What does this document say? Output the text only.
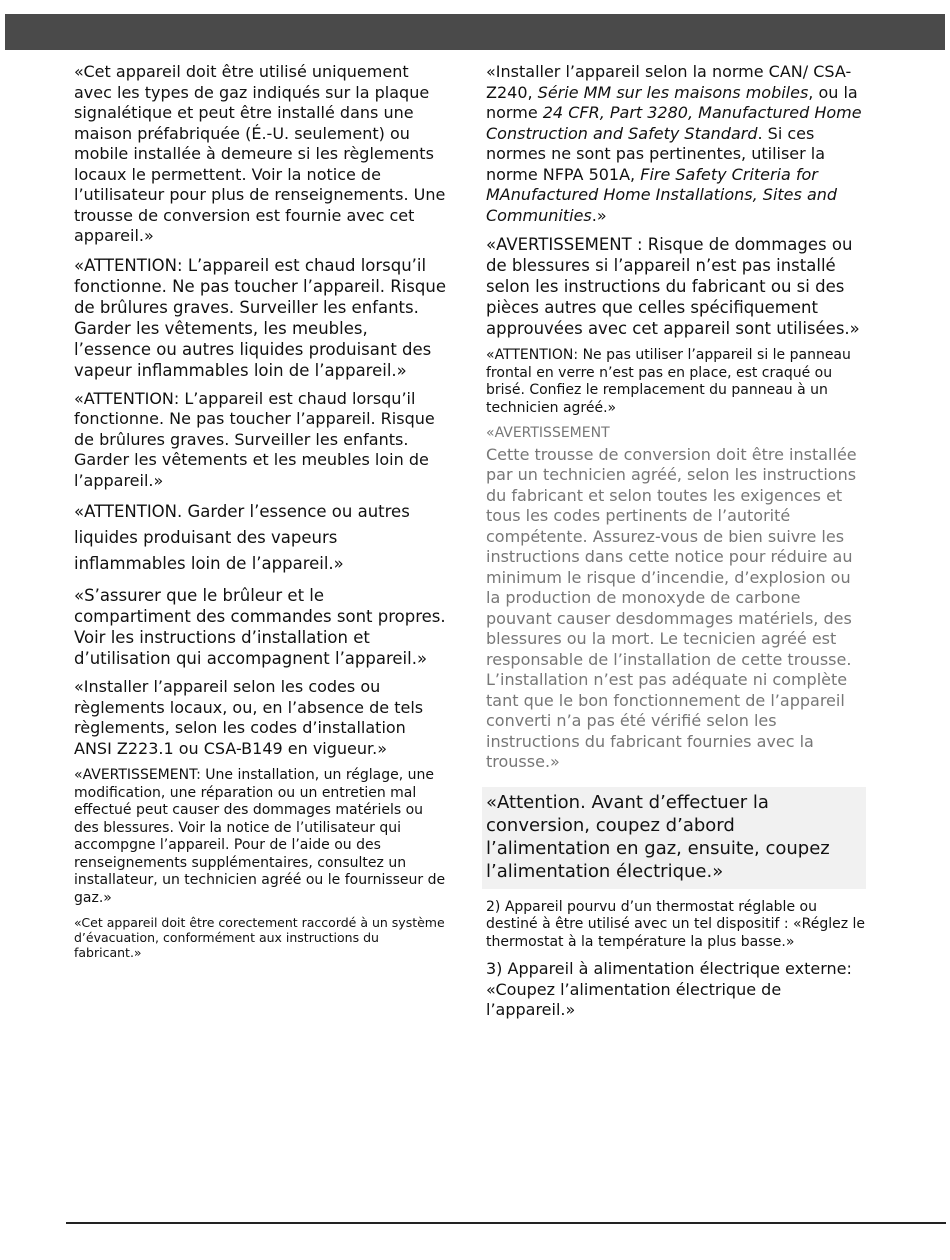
«Cet appareil doit être utilisé uniquement avec les types de gaz indiqués sur la plaque signalétique et peut être installé dans une maison préfabriquée (É.-U. seulement) ou mobile installée à demeure si les règlements locaux le permettent. Voir la notice de l’utilisateur pour plus de renseignements. Une trousse de conversion est fournie avec cet appareil.»

«ATTENTION: L’appareil est chaud lorsqu’il fonctionne. Ne pas toucher l’appareil. Risque de brûlures graves. Surveiller les enfants. Garder les vêtements, les meubles, l’essence ou autres liquides produisant des vapeur inflammables loin de l’appareil.»

«ATTENTION: L’appareil est chaud lorsqu’il fonctionne. Ne pas toucher l’appareil. Risque de brûlures graves. Surveiller les enfants. Garder les vêtements et les meubles loin de l’appareil.»

«ATTENTION. Garder l’essence ou autres liquides produisant des vapeurs inflammables loin de l’appareil.»

«S’assurer que le brûleur et le compartiment des commandes sont propres. Voir les instructions d’installation et d’utilisation qui accompagnent l’appareil.»

«Installer l’appareil selon les codes ou règlements locaux, ou, en l’absence de tels règlements, selon les codes d’installation ANSI Z223.1 ou CSA-B149 en vigueur.»

«AVERTISSEMENT: Une installation, un réglage, une modification, une réparation ou un entretien mal effectué peut causer des dommages matériels ou des blessures. Voir la notice de l’utilisateur qui accompgne l’appareil. Pour de l’aide ou des renseignements supplémentaires, consultez un installateur, un technicien agréé ou le fournisseur de gaz.»

«Cet appareil doit être corectement raccordé à un système d’évacuation, conformément aux instructions du fabricant.»

«Installer l’appareil selon la norme CAN/ CSA-Z240, Série MM sur les maisons mobiles, ou la norme 24 CFR, Part 3280, Manufactured Home Construction and Safety Standard. Si ces normes ne sont pas pertinentes, utiliser la norme NFPA 501A, Fire Safety Criteria for MAnufactured Home Installations, Sites and Communities.»

«AVERTISSEMENT : Risque de dommages ou de blessures si l’appareil n’est pas installé selon les instructions du fabricant ou si des pièces autres que celles spécifiquement approuvées avec cet appareil sont utilisées.»

«ATTENTION: Ne pas utiliser l’appareil si le panneau frontal en verre n’est pas en place, est craqué ou brisé. Confiez le remplacement du panneau à un technicien agréé.»

«AVERTISSEMENT

Cette trousse de conversion doit être installée par un technicien agréé, selon les instructions du fabricant et selon toutes les exigences et tous les codes pertinents de l’autorité compétente. Assurez-vous de bien suivre les instructions dans cette notice pour réduire au minimum le risque d’incendie, d’explosion ou la production de monoxyde de carbone pouvant causer desdommages matériels, des blessures ou la mort. Le tecnicien agréé est responsable de l’installation de cette trousse. L’installation n’est pas adéquate ni complète tant que le bon fonctionnement de l’appareil converti n’a pas été vérifié selon les instructions du fabricant fournies avec la trousse.»

«Attention. Avant d’effectuer la conversion, coupez d’abord l’alimentation en gaz, ensuite, coupez l’alimentation électrique.»

2) Appareil pourvu d’un thermostat réglable ou destiné à être utilisé avec un tel dispositif : «Réglez le thermostat à la température la plus basse.»

3) Appareil à alimentation électrique externe: «Coupez l’alimentation électrique de l’appareil.»
